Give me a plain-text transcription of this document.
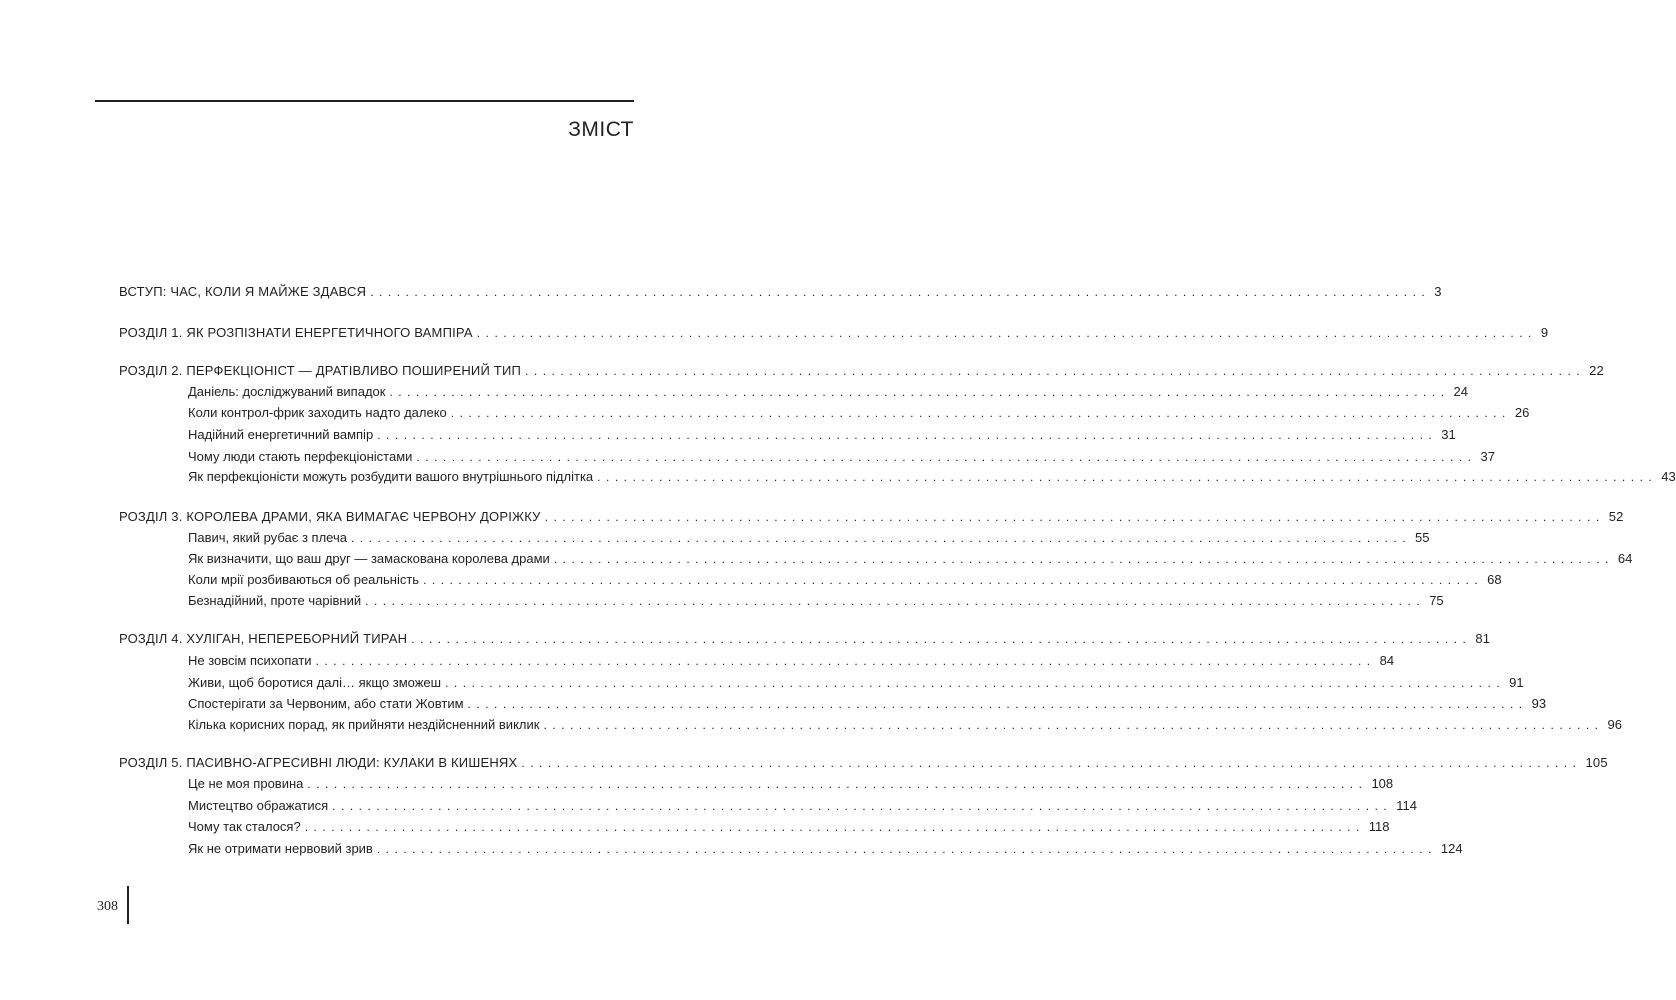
ЗМІСТ
ВСТУП: ЧАС, КОЛИ Я МАЙЖЕ ЗДАВСЯ ........................................................................................................................ 3
РОЗДІЛ 1. ЯК РОЗПІЗНАТИ ЕНЕРГЕТИЧНОГО ВАМПІРА ........................................................................................................................ 9
РОЗДІЛ 2. ПЕРФЕКЦІОНІСТ — ДРАТІВЛИВО ПОШИРЕНИЙ ТИП ........................................................................................................................ 22
Даніель: досліджуваний випадок ........................................................................................................................ 24
Коли контрол-фрик заходить надто далеко ........................................................................................................................ 26
Надійний енергетичний вампір ........................................................................................................................ 31
Чому люди стають перфекціоністами ........................................................................................................................ 37
Як перфекціоністи можуть розбудити вашого внутрішнього підлітка ........................................................................................................................ 43
РОЗДІЛ 3. КОРОЛЕВА ДРАМИ, ЯКА ВИМАГАЄ ЧЕРВОНУ ДОРІЖКУ ........................................................................................................................ 52
Павич, який рубає з плеча ........................................................................................................................ 55
Як визначити, що ваш друг — замаскована королева драми ........................................................................................................................ 64
Коли мрії розбиваються об реальність ........................................................................................................................ 68
Безнадійний, проте чарівний ........................................................................................................................ 75
РОЗДІЛ 4. ХУЛІГАН, НЕПЕРЕБОРНИЙ ТИРАН ........................................................................................................................ 81
Не зовсім психопати ........................................................................................................................ 84
Живи, щоб боротися далі… якщо зможеш ........................................................................................................................ 91
Спостерігати за Червоним, або стати Жовтим ........................................................................................................................ 93
Кілька корисних порад, як прийняти нездійсненний виклик ........................................................................................................................ 96
РОЗДІЛ 5. ПАСИВНО-АГРЕСИВНІ ЛЮДИ: КУЛАКИ В КИШЕНЯХ ........................................................................................................................ 105
Це не моя провина ........................................................................................................................ 108
Мистецтво ображатися ........................................................................................................................ 114
Чому так сталося? ........................................................................................................................ 118
Як не отримати нервовий зрив ........................................................................................................................ 124
308
